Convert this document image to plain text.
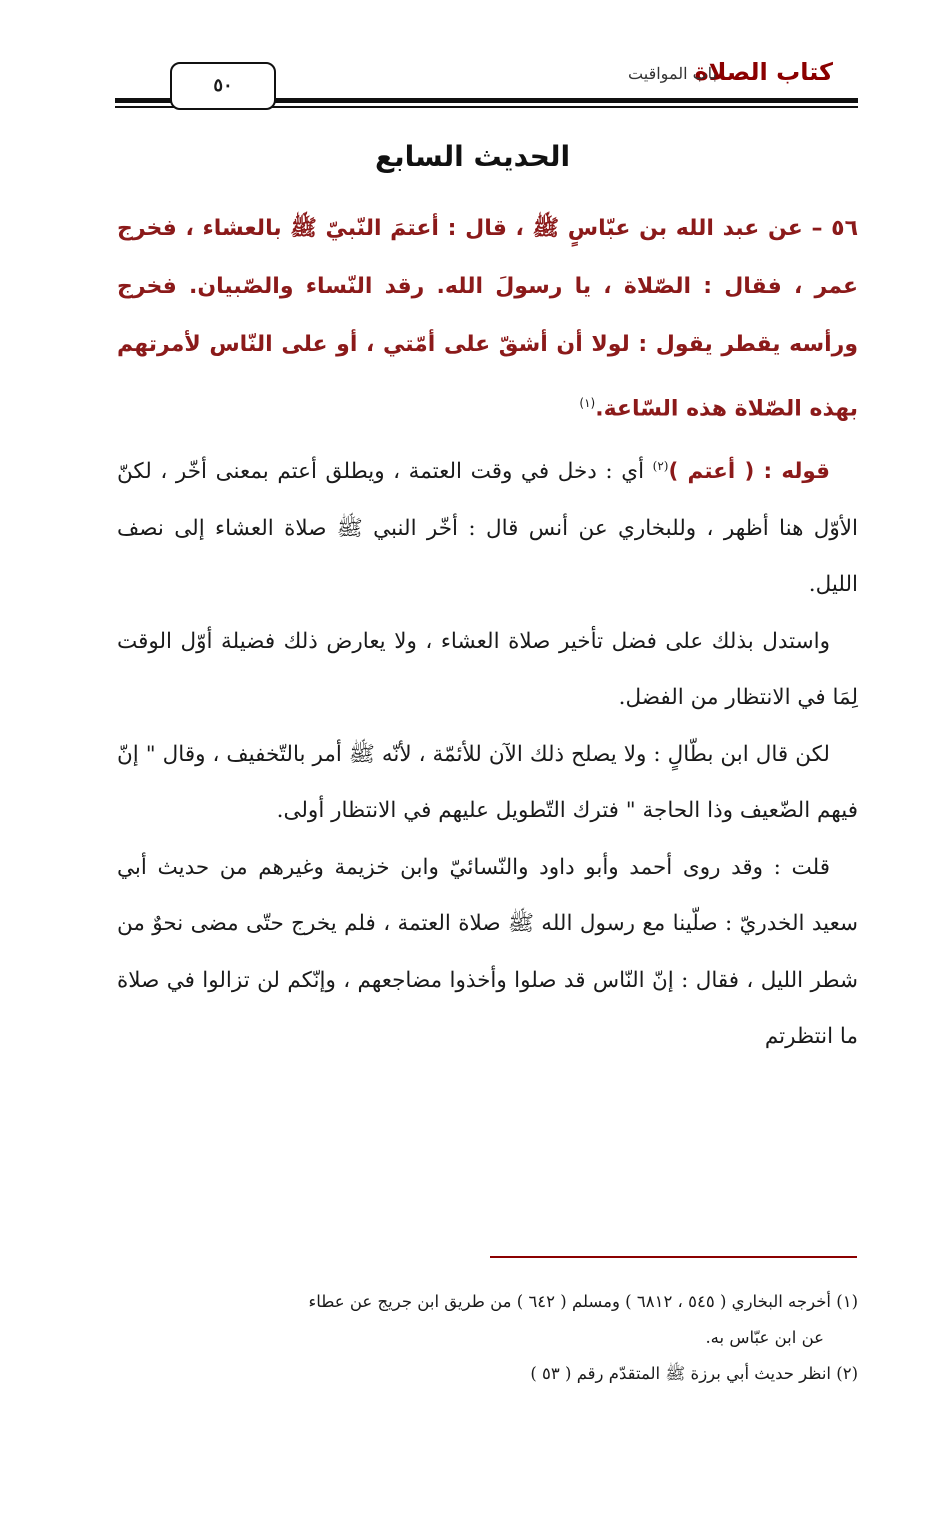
كتاب الصلاة
باب المواقيت
٥٠
الحديث السابع

٥٦ – عن عبد الله بن عبّاسٍ ﷺ ، قال : أعتمَ النّبيّ ﷺ بالعشاء ، فخرج عمر ، فقال : الصّلاة ، يا رسولَ الله. رقد النّساء والصّبيان. فخرج ورأسه يقطر يقول : لولا أن أشقّ على أمّتي ، أو على النّاس لأمرتهم بهذه الصّلاة هذه السّاعة.$^{(١)}$

قوله : ( أعتم )$^{(٢)}$ أي : دخل في وقت العتمة ، ويطلق أعتم بمعنى أخّر ، لكنّ الأوّل هنا أظهر ، وللبخاري عن أنس قال : أخّر النبي ﷺ صلاة العشاء إلى نصف الليل.

واستدل بذلك على فضل تأخير صلاة العشاء ، ولا يعارض ذلك فضيلة أوّل الوقت لِمَا في الانتظار من الفضل.

لكن قال ابن بطّالٍ : ولا يصلح ذلك الآن للأئمّة ، لأنّه ﷺ أمر بالتّخفيف ، وقال " إنّ فيهم الضّعيف وذا الحاجة " فترك التّطويل عليهم في الانتظار أولى.

قلت : وقد روى أحمد وأبو داود والنّسائيّ وابن خزيمة وغيرهم من حديث أبي سعيد الخدريّ : صلّينا مع رسول الله ﷺ صلاة العتمة ، فلم يخرج حتّى مضى نحوٌ من شطر الليل ، فقال : إنّ النّاس قد صلوا وأخذوا مضاجعهم ، وإنّكم لن تزالوا في صلاة ما انتظرتم

(١) أخرجه البخاري ( ٥٤٥ ، ٦٨١٢ ) ومسلم ( ٦٤٢ ) من طريق ابن جريج عن عطاء

عن ابن عبّاس به.

(٢) انظر حديث أبي برزة ﷺ المتقدّم رقم ( ٥٣ )
